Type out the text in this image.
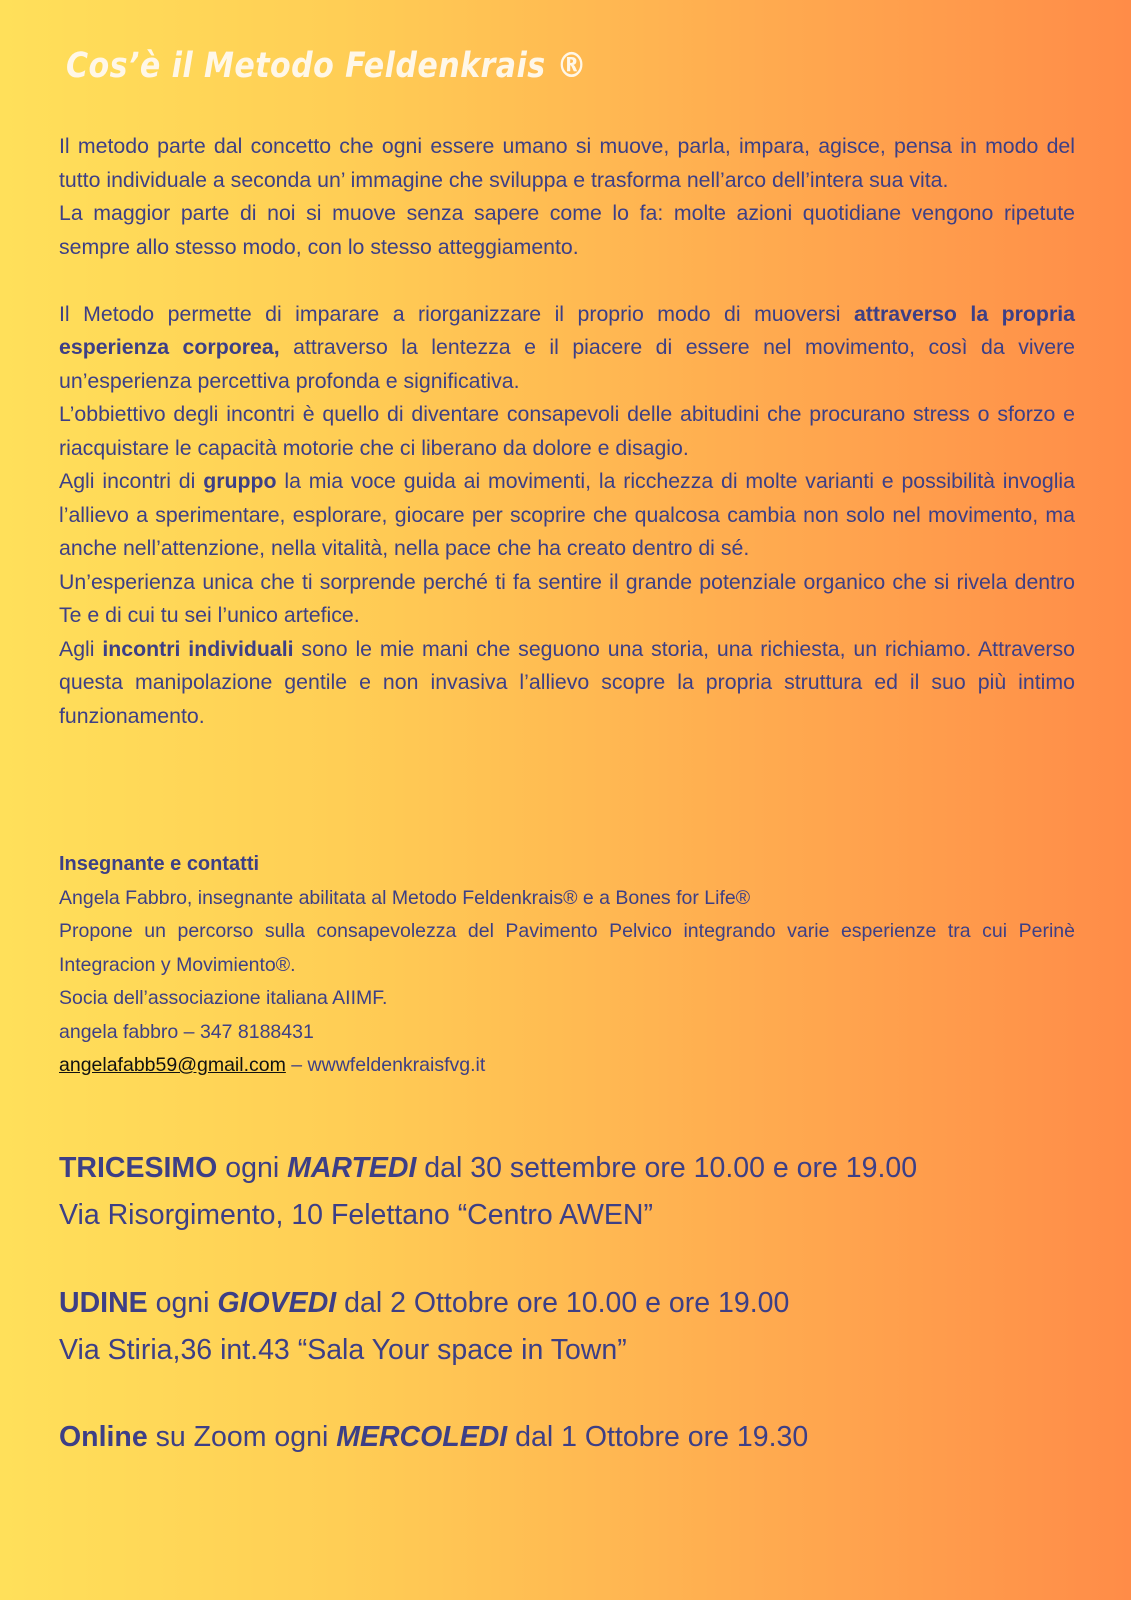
Cos’è il Metodo Feldenkrais ®

Il metodo parte dal concetto che ogni essere umano si muove, parla, impara, agisce, pensa in modo del tutto individuale a seconda un’ immagine che sviluppa e trasforma nell’arco dell’intera sua vita.

La maggior parte di noi si muove senza sapere come lo fa: molte azioni quotidiane vengono ripetute sempre allo stesso modo, con lo stesso atteggiamento.

Il Metodo permette di imparare a riorganizzare il proprio modo di muoversi attraverso la propria esperienza corporea, attraverso la lentezza e il piacere di essere nel movimento, così da vivere un’esperienza percettiva profonda e significativa.

L’obbiettivo degli incontri è quello di diventare consapevoli delle abitudini che procurano stress o sforzo e riacquistare le capacità motorie che ci liberano da dolore e disagio.

Agli incontri di gruppo la mia voce guida ai movimenti, la ricchezza di molte varianti e possibilità invoglia l’allievo a sperimentare, esplorare, giocare per scoprire che qualcosa cambia non solo nel movimento, ma anche nell’attenzione, nella vitalità, nella pace che ha creato dentro di sé.

Un’esperienza unica che ti sorprende perché ti fa sentire il grande potenziale organico che si rivela dentro Te e di cui tu sei l’unico artefice.

Agli incontri individuali sono le mie mani che seguono una storia, una richiesta, un richiamo. Attraverso questa manipolazione gentile e non invasiva l’allievo scopre la propria struttura ed il suo più intimo funzionamento.

Insegnante e contatti

Angela Fabbro, insegnante abilitata al Metodo Feldenkrais® e a Bones for Life®

Propone un percorso sulla consapevolezza del Pavimento Pelvico integrando varie esperienze tra cui Perinè Integracion y Movimiento®.

Socia dell’associazione italiana AIIMF.

angela fabbro – 347 8188431

angelafabb59@gmail.com – wwwfeldenkraisfvg.it

TRICESIMO ogni MARTEDI dal 30 settembre ore 10.00 e ore 19.00

Via Risorgimento, 10 Felettano “Centro AWEN”

UDINE ogni GIOVEDI dal 2 Ottobre ore 10.00 e ore 19.00

Via Stiria,36 int.43 “Sala Your space in Town”

Online su Zoom ogni MERCOLEDI dal 1 Ottobre ore 19.30
